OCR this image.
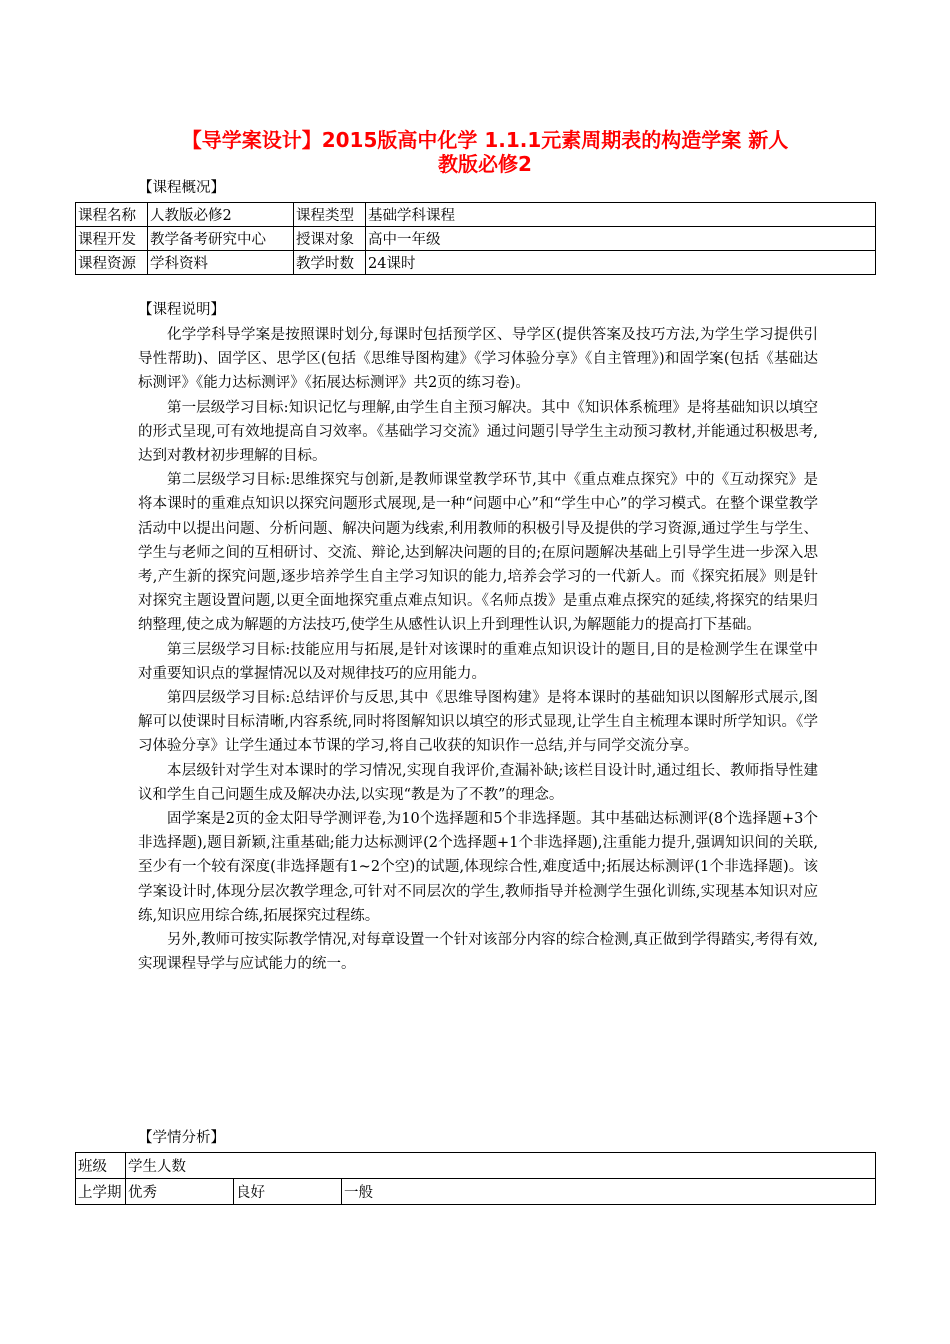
【导学案设计】2015版高中化学 1.1.1元素周期表的构造学案 新人
教版必修2
【课程概况】
课程名称	人教版必修2	课程类型	基础学科课程
课程开发	教学备考研究中心	授课对象	高中一年级
课程资源	学科资料	教学时数	24课时
【课程说明】

化学学科导学案是按照课时划分,每课时包括预学区、导学区(提供答案及技巧方法,为学生学习提供引导性帮助)、固学区、思学区(包括《思维导图构建》《学习体验分享》《自主管理》)和固学案(包括《基础达标测评》《能力达标测评》《拓展达标测评》共2页的练习卷)。

第一层级学习目标:知识记忆与理解,由学生自主预习解决。其中《知识体系梳理》是将基础知识以填空的形式呈现,可有效地提高自习效率。《基础学习交流》通过问题引导学生主动预习教材,并能通过积极思考,达到对教材初步理解的目标。

第二层级学习目标:思维探究与创新,是教师课堂教学环节,其中《重点难点探究》中的《互动探究》是将本课时的重难点知识以探究问题形式展现,是一种“问题中心”和“学生中心”的学习模式。在整个课堂教学活动中以提出问题、分析问题、解决问题为线索,利用教师的积极引导及提供的学习资源,通过学生与学生、学生与老师之间的互相研讨、交流、辩论,达到解决问题的目的;在原问题解决基础上引导学生进一步深入思考,产生新的探究问题,逐步培养学生自主学习知识的能力,培养会学习的一代新人。而《探究拓展》则是针对探究主题设置问题,以更全面地探究重点难点知识。《名师点拨》是重点难点探究的延续,将探究的结果归纳整理,使之成为解题的方法技巧,使学生从感性认识上升到理性认识,为解题能力的提高打下基础。

第三层级学习目标:技能应用与拓展,是针对该课时的重难点知识设计的题目,目的是检测学生在课堂中对重要知识点的掌握情况以及对规律技巧的应用能力。

第四层级学习目标:总结评价与反思,其中《思维导图构建》是将本课时的基础知识以图解形式展示,图解可以使课时目标清晰,内容系统,同时将图解知识以填空的形式显现,让学生自主梳理本课时所学知识。《学习体验分享》让学生通过本节课的学习,将自己收获的知识作一总结,并与同学交流分享。

本层级针对学生对本课时的学习情况,实现自我评价,查漏补缺;该栏目设计时,通过组长、教师指导性建议和学生自己问题生成及解决办法,以实现“教是为了不教”的理念。

固学案是2页的金太阳导学测评卷,为10个选择题和5个非选择题。其中基础达标测评(8个选择题+3个非选择题),题目新颖,注重基础;能力达标测评(2个选择题+1个非选择题),注重能力提升,强调知识间的关联,至少有一个较有深度(非选择题有1~2个空)的试题,体现综合性,难度适中;拓展达标测评(1个非选择题)。该学案设计时,体现分层次教学理念,可针对不同层次的学生,教师指导并检测学生强化训练,实现基本知识对应练,知识应用综合练,拓展探究过程练。

另外,教师可按实际教学情况,对每章设置一个针对该部分内容的综合检测,真正做到学得踏实,考得有效,实现课程导学与应试能力的统一。

【学情分析】
班级	学生人数		
上学期	优秀	良好	一般
